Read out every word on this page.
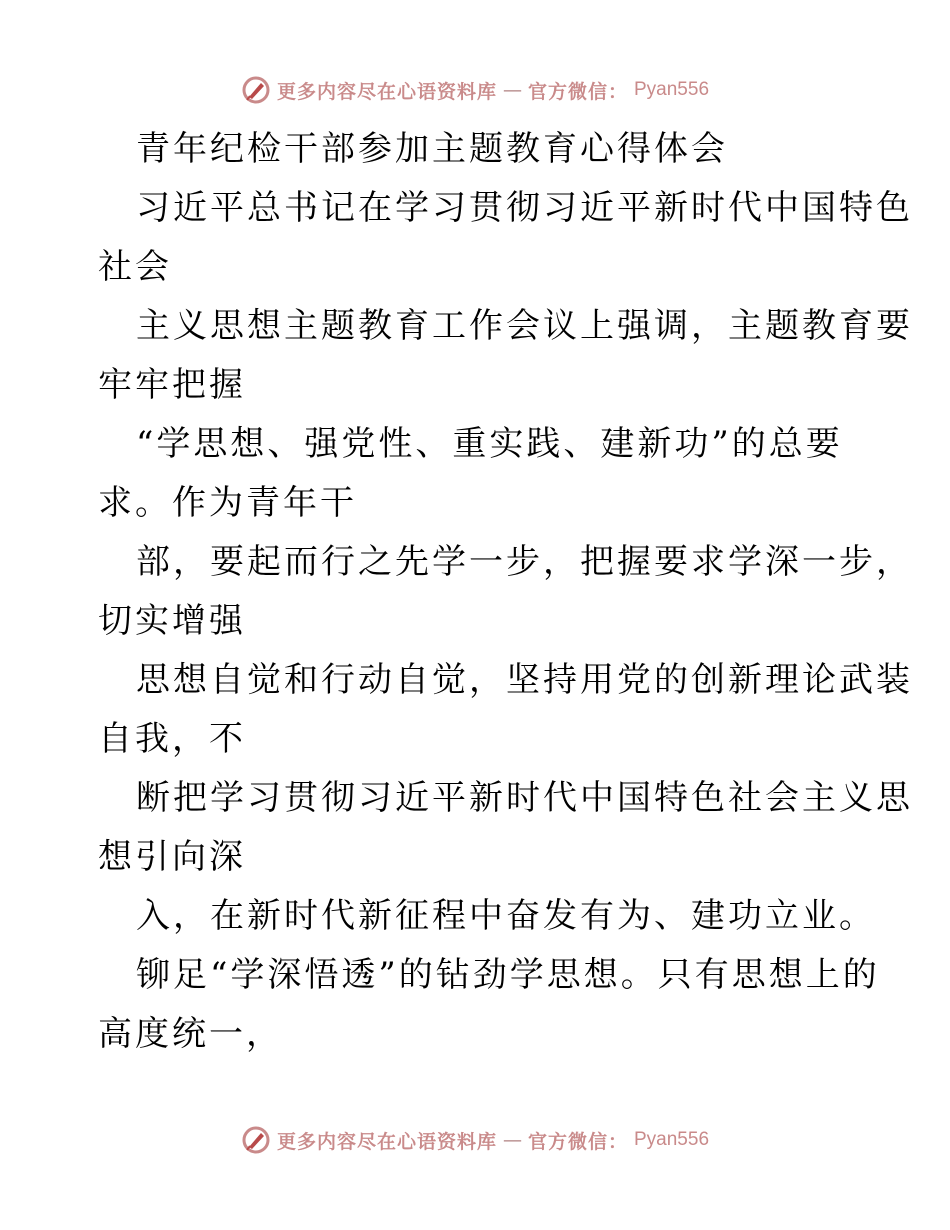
更多内容尽在心语资料库 — 官方微信： Pyan556
青年纪检干部参加主题教育心得体会
习近平总书记在学习贯彻习近平新时代中国特色
社会
主义思想主题教育工作会议上强调，主题教育要
牢牢把握
“学思想、强党性、重实践、建新功”的总要
求。作为青年干
部，要起而行之先学一步，把握要求学深一步，
切实增强
思想自觉和行动自觉，坚持用党的创新理论武装
自我，不
断把学习贯彻习近平新时代中国特色社会主义思
想引向深
入，在新时代新征程中奋发有为、建功立业。
铆足“学深悟透”的钻劲学思想。只有思想上的
高度统一，
更多内容尽在心语资料库 — 官方微信： Pyan556
